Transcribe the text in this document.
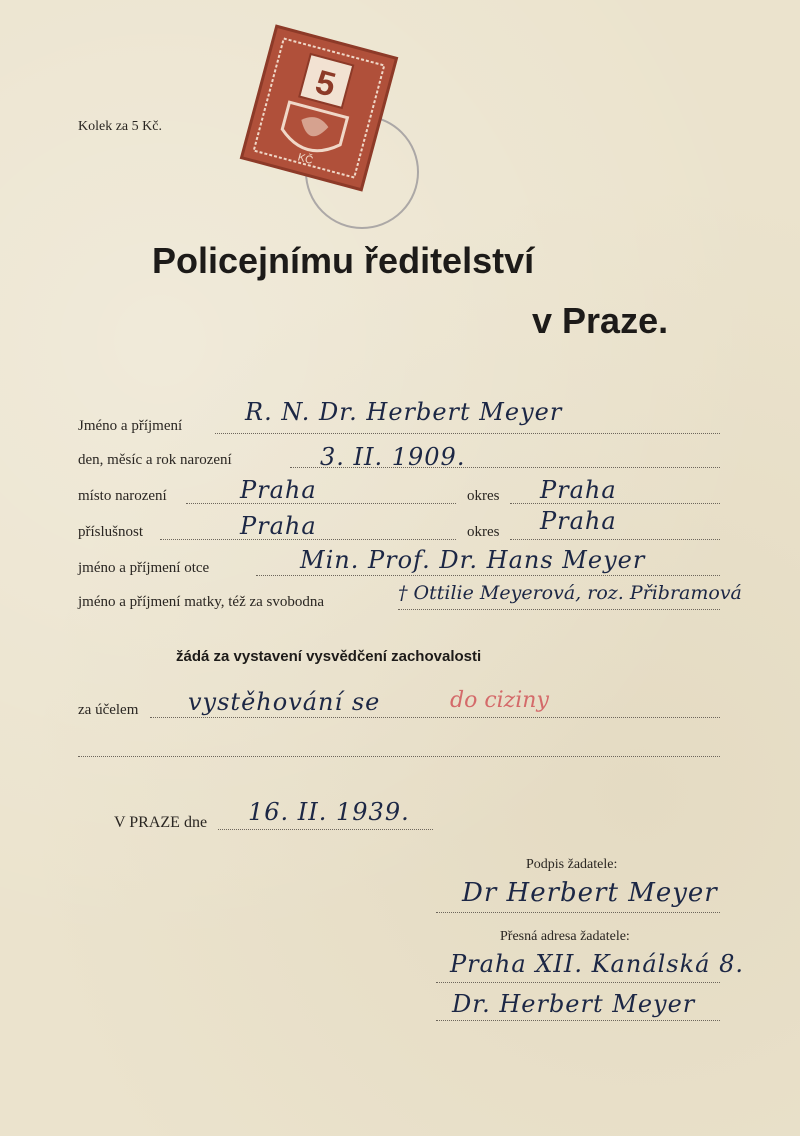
5
KČ
Kolek za 5 Kč.
Policejnímu ředitelství
v Praze.
Jméno a příjmení	R. N. Dr. Herbert Meyer
den, měsíc a rok narození	3. II. 1909.
místo narození	Praha	okres Praha
příslušnost	Praha	okres Praha
jméno a příjmení otce	Min. Prof. Dr. Hans Meyer
jméno a příjmení matky, též za svobodna	† Ottilie Meyerová, roz. Přibramová
žádá za vystavení vysvědčení zachovalosti
za účelem vystěhování se	do ciziny
V PRAZE dne 16. II. 1939.
Podpis žadatele:
Dr Herbert Meyer
Přesná adresa žadatele:
Praha XII. Kanálská 8.
Dr. Herbert Meyer
